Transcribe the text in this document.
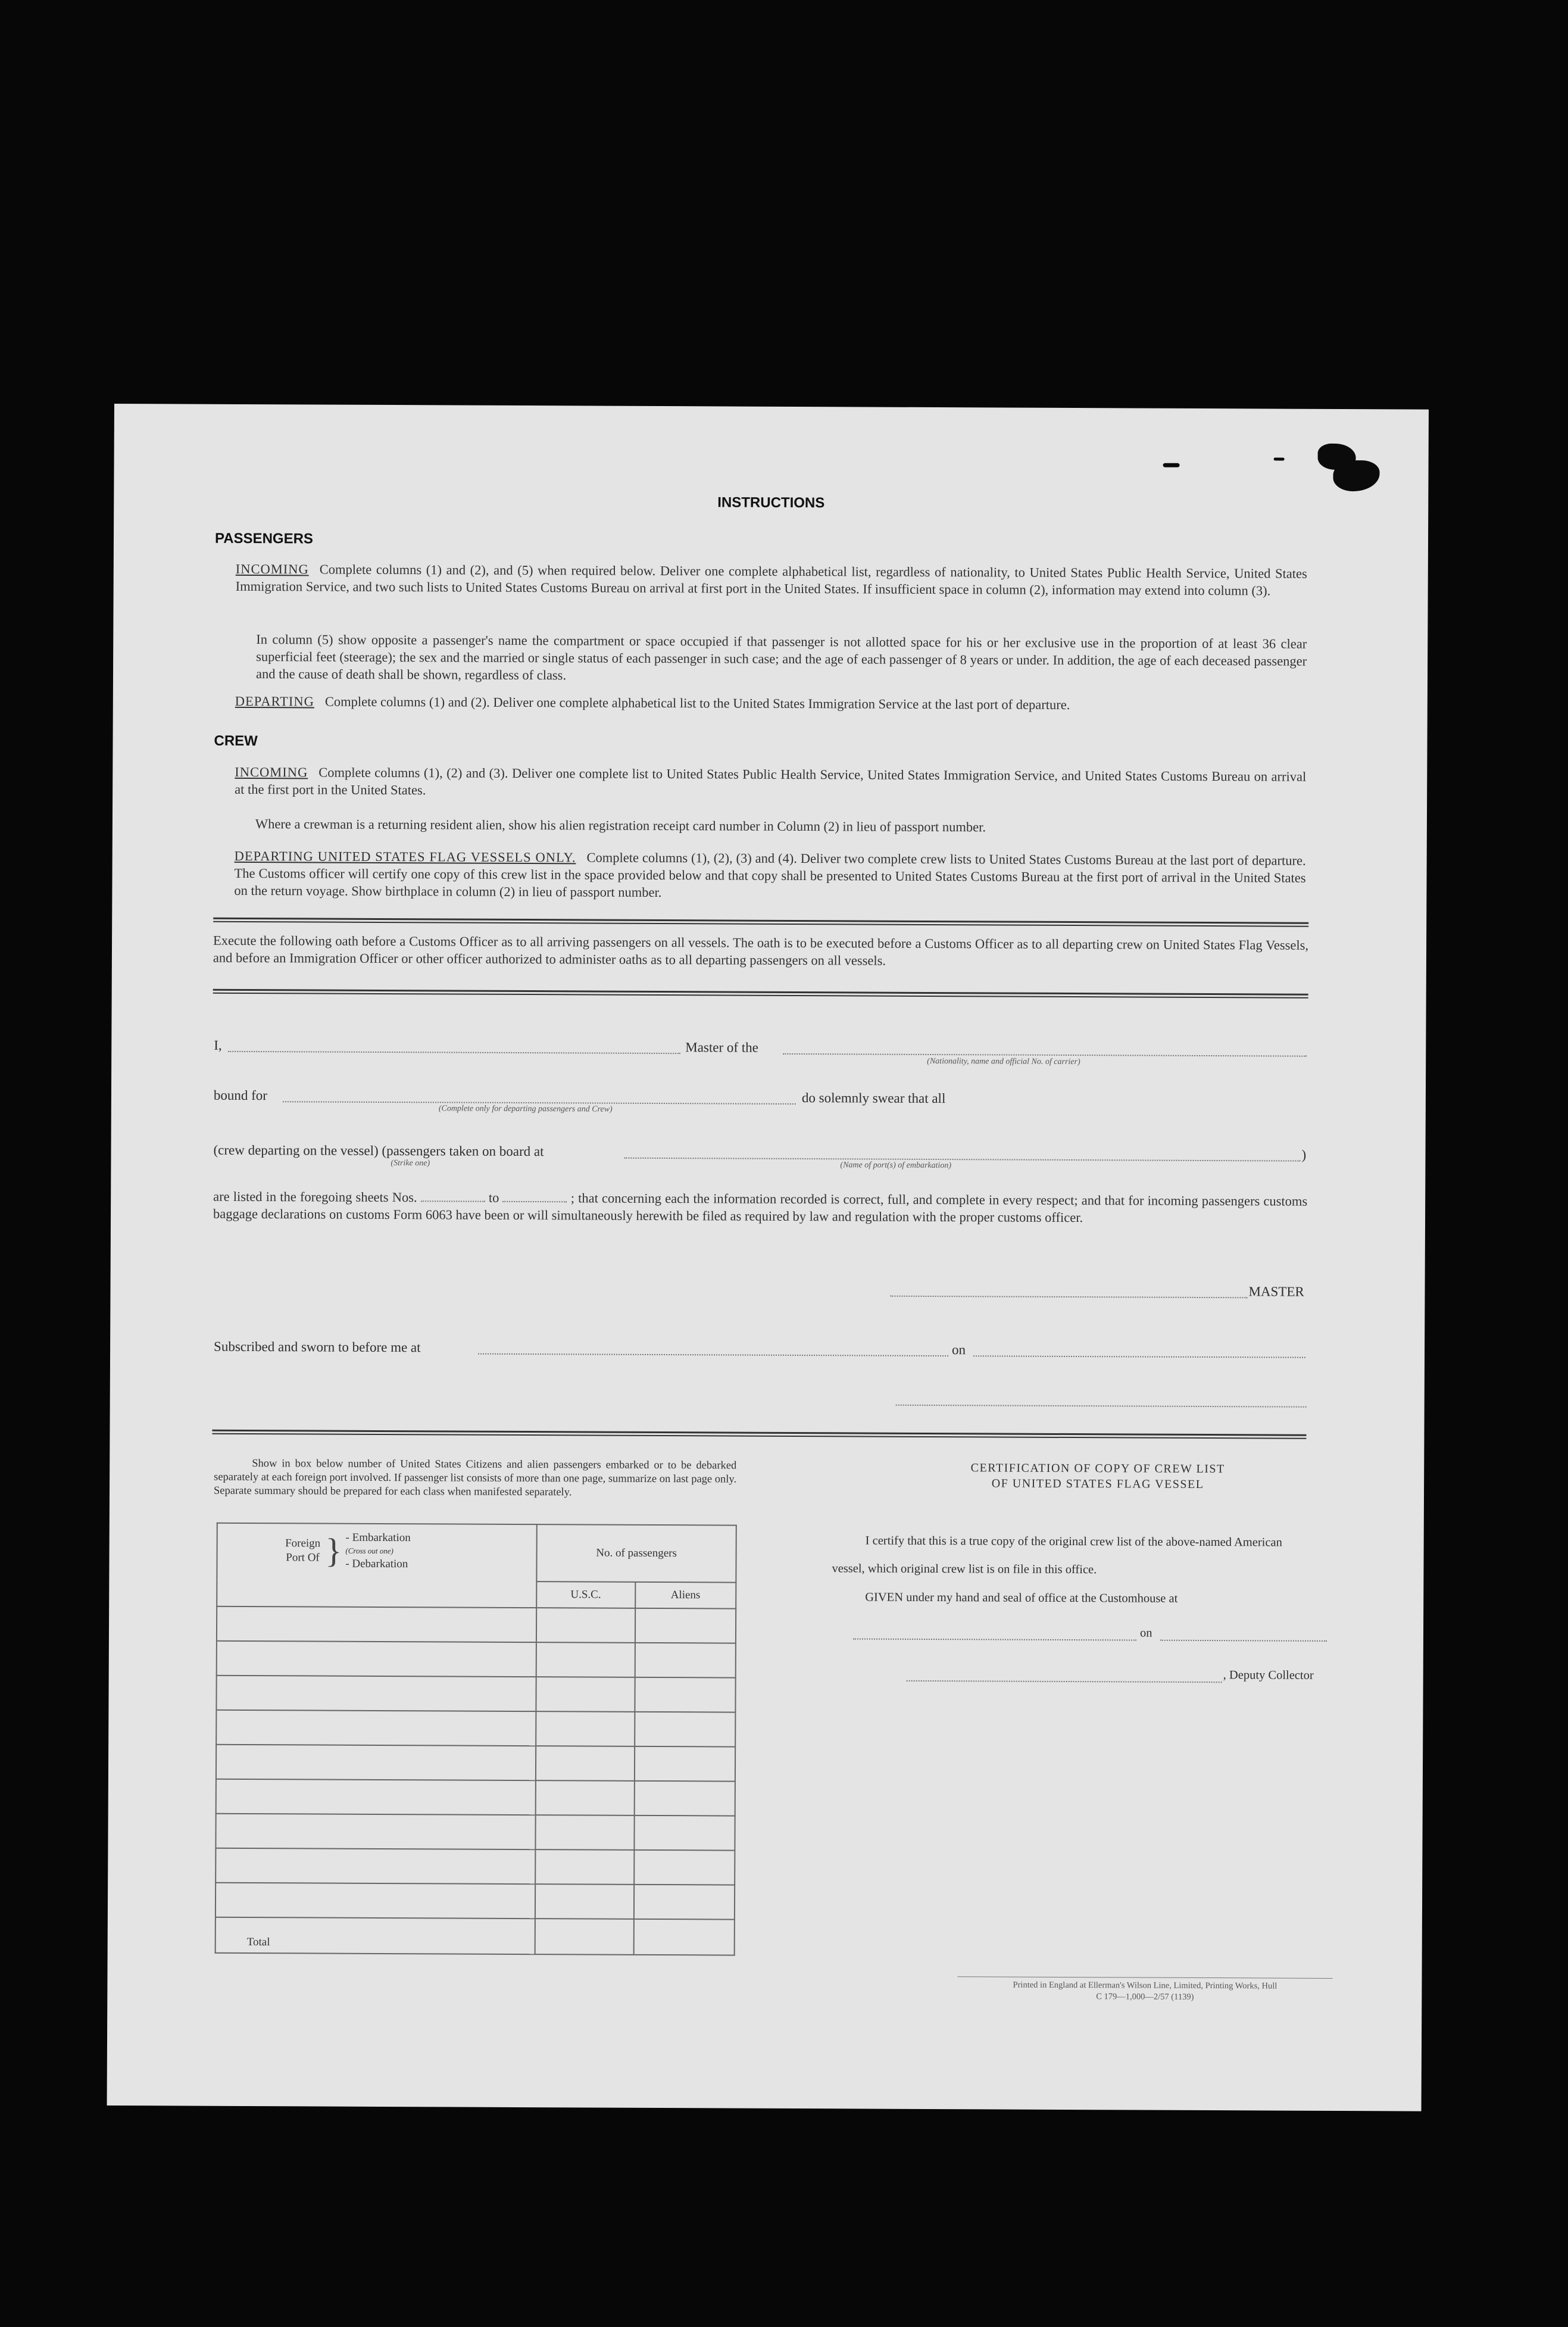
INSTRUCTIONS
PASSENGERS
INCOMING Complete columns (1) and (2), and (5) when required below. Deliver one complete alphabetical list, regardless of nationality, to United States Public Health Service, United States Immigration Service, and two such lists to United States Customs Bureau on arrival at first port in the United States. If insufficient space in column (2), information may extend into column (3).
In column (5) show opposite a passenger's name the compartment or space occupied if that passenger is not allotted space for his or her exclusive use in the proportion of at least 36 clear superficial feet (steerage); the sex and the married or single status of each passenger in such case; and the age of each passenger of 8 years or under. In addition, the age of each deceased passenger and the cause of death shall be shown, regardless of class.
DEPARTING Complete columns (1) and (2). Deliver one complete alphabetical list to the United States Immigration Service at the last port of departure.
CREW
INCOMING Complete columns (1), (2) and (3). Deliver one complete list to United States Public Health Service, United States Immigration Service, and United States Customs Bureau on arrival at the first port in the United States.
Where a crewman is a returning resident alien, show his alien registration receipt card number in Column (2) in lieu of passport number.
DEPARTING UNITED STATES FLAG VESSELS ONLY. Complete columns (1), (2), (3) and (4). Deliver two complete crew lists to United States Customs Bureau at the last port of departure. The Customs officer will certify one copy of this crew list in the space provided below and that copy shall be presented to United States Customs Bureau at the first port of arrival in the United States on the return voyage. Show birthplace in column (2) in lieu of passport number.
Execute the following oath before a Customs Officer as to all arriving passengers on all vessels. The oath is to be executed before a Customs Officer as to all departing crew on United States Flag Vessels, and before an Immigration Officer or other officer authorized to administer oaths as to all departing passengers on all vessels.
I,	Master of the
(Nationality, name and official No. of carrier)
bound for
(Complete only for departing passengers and Crew)
do solemnly swear that all
(crew departing on the vessel) (passengers taken on board at	)
(Strike one)	(Name of port(s) of embarkation)
are listed in the foregoing sheets Nos.	to	; that concerning each the information recorded is correct, full, and complete in every respect; and that for incoming passengers customs baggage declarations on customs Form 6063 have been or will simultaneously herewith be filed as required by law and regulation with the proper customs officer.
MASTER
Subscribed and sworn to before me at	on
Show in box below number of United States Citizens and alien passengers embarked or to be debarked separately at each foreign port involved. If passenger list consists of more than one page, summarize on last page only. Separate summary should be prepared for each class when manifested separately.
Foreign Port Of } - Embarkation
(Cross out one)
- Debarkation	No. of passengers	
	U.S.C.	Aliens

Total		
CERTIFICATION OF COPY OF CREW LIST
OF UNITED STATES FLAG VESSEL
I certify that this is a true copy of the original crew list of the above-named American
vessel, which original crew list is on file in this office.
GIVEN under my hand and seal of office at the Customhouse at
on
, Deputy Collector
Printed in England at Ellerman's Wilson Line, Limited, Printing Works, Hull
C 179—1,000—2/57 (1139)
